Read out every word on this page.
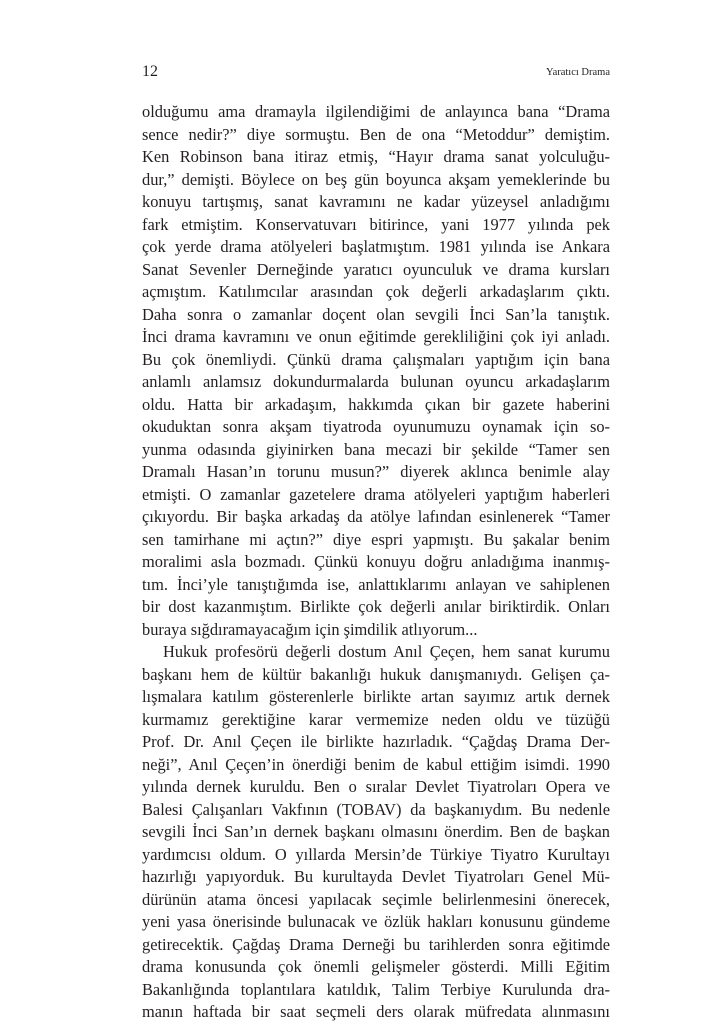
12	Yaratıcı Drama
olduğumu ama dramayla ilgilendiğimi de anlayınca bana “Drama
sence nedir?” diye sormuştu. Ben de ona “Metoddur” demiştim.
Ken Robinson bana itiraz etmiş, “Hayır drama sanat yolculuğu-
dur,” demişti. Böylece on beş gün boyunca akşam yemeklerinde bu
konuyu tartışmış, sanat kavramını ne kadar yüzeysel anladığımı
fark etmiştim. Konservatuvarı bitirince, yani 1977 yılında pek
çok yerde drama atölyeleri başlatmıştım. 1981 yılında ise Ankara
Sanat Sevenler Derneğinde yaratıcı oyunculuk ve drama kursları
açmıştım. Katılımcılar arasından çok değerli arkadaşlarım çıktı.
Daha sonra o zamanlar doçent olan sevgili İnci San’la tanıştık.
İnci drama kavramını ve onun eğitimde gerekliliğini çok iyi anladı.
Bu çok önemliydi. Çünkü drama çalışmaları yaptığım için bana
anlamlı anlamsız dokundurmalarda bulunan oyuncu arkadaşlarım
oldu. Hatta bir arkadaşım, hakkımda çıkan bir gazete haberini
okuduktan sonra akşam tiyatroda oyunumuzu oynamak için so-
yunma odasında giyinirken bana mecazi bir şekilde “Tamer sen
Dramalı Hasan’ın torunu musun?” diyerek aklınca benimle alay
etmişti. O zamanlar gazetelere drama atölyeleri yaptığım haberleri
çıkıyordu. Bir başka arkadaş da atölye lafından esinlenerek “Tamer
sen tamirhane mi açtın?” diye espri yapmıştı. Bu şakalar benim
moralimi asla bozmadı. Çünkü konuyu doğru anladığıma inanmış-
tım. İnci’yle tanıştığımda ise, anlattıklarımı anlayan ve sahiplenen
bir dost kazanmıştım. Birlikte çok değerli anılar biriktirdik. Onları
buraya sığdıramayacağım için şimdilik atlıyorum...
Hukuk profesörü değerli dostum Anıl Çeçen, hem sanat kurumu
başkanı hem de kültür bakanlığı hukuk danışmanıydı. Gelişen ça-
lışmalara katılım gösterenlerle birlikte artan sayımız artık dernek
kurmamız gerektiğine karar vermemize neden oldu ve tüzüğü
Prof. Dr. Anıl Çeçen ile birlikte hazırladık. “Çağdaş Drama Der-
neği”, Anıl Çeçen’in önerdiği benim de kabul ettiğim isimdi. 1990
yılında dernek kuruldu. Ben o sıralar Devlet Tiyatroları Opera ve
Balesi Çalışanları Vakfının (TOBAV) da başkanıydım. Bu nedenle
sevgili İnci San’ın dernek başkanı olmasını önerdim. Ben de başkan
yardımcısı oldum. O yıllarda Mersin’de Türkiye Tiyatro Kurultayı
hazırlığı yapıyorduk. Bu kurultayda Devlet Tiyatroları Genel Mü-
dürünün atama öncesi yapılacak seçimle belirlenmesini önerecek,
yeni yasa önerisinde bulunacak ve özlük hakları konusunu gündeme
getirecektik. Çağdaş Drama Derneği bu tarihlerden sonra eğitimde
drama konusunda çok önemli gelişmeler gösterdi. Milli Eğitim
Bakanlığında toplantılara katıldık, Talim Terbiye Kurulunda dra-
manın haftada bir saat seçmeli ders olarak müfredata alınmasını
